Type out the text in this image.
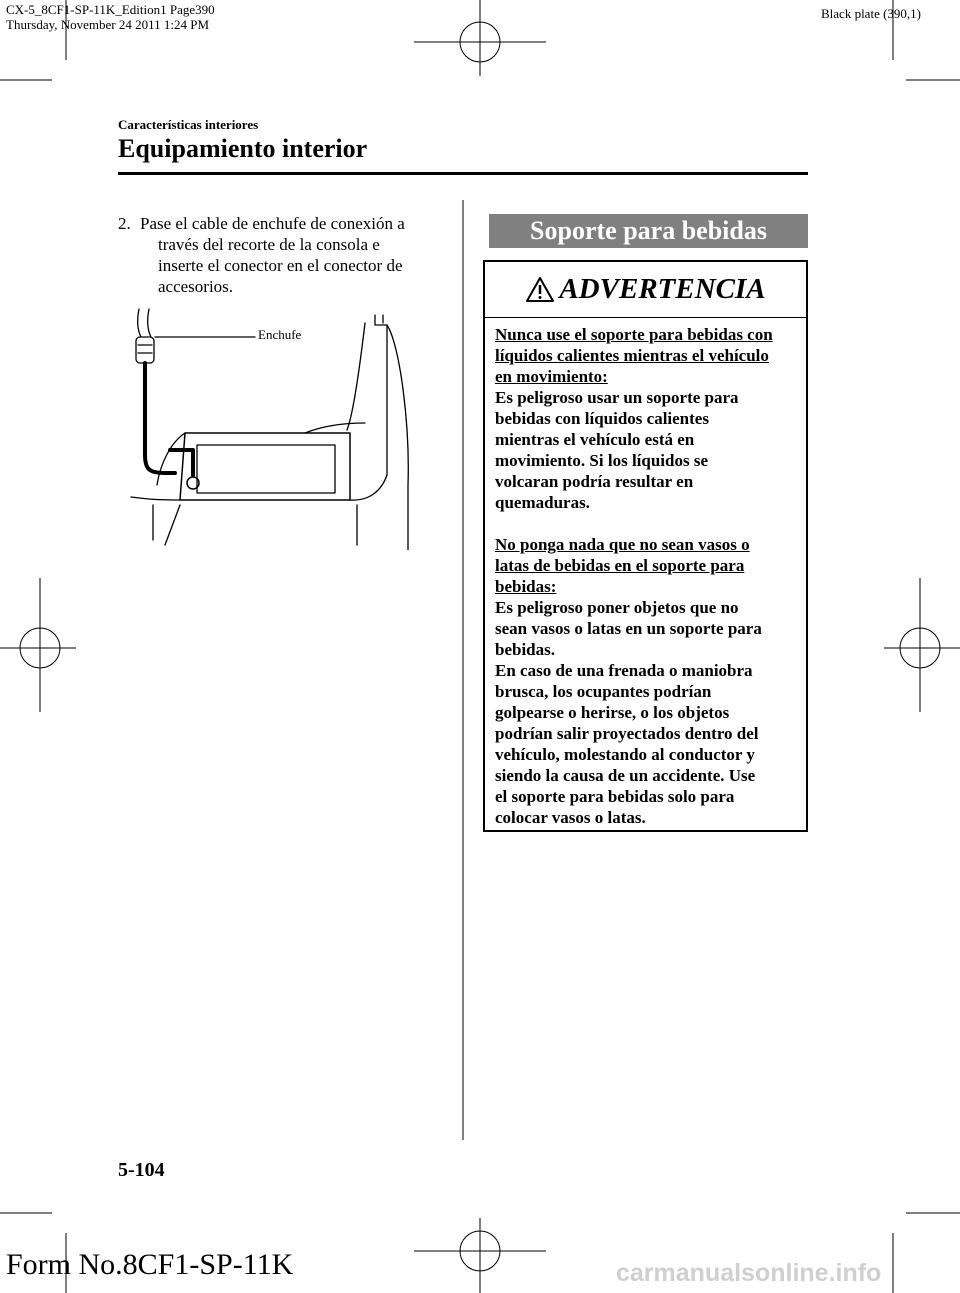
CX-5_8CF1-SP-11K_Edition1 Page390
Thursday, November 24 2011 1:24 PM
Black plate (390,1)
Características interiores
Equipamiento interior
2. Pase el cable de enchufe de conexión a
través del recorte de la consola e
inserte el conector en el conector de
accesorios.
Enchufe
Soporte para bebidas
ADVERTENCIA
Nunca use el soporte para bebidas con
líquidos calientes mientras el vehículo
en movimiento:
Es peligroso usar un soporte para
bebidas con líquidos calientes
mientras el vehículo está en
movimiento. Si los líquidos se
volcaran podría resultar en
quemaduras.
No ponga nada que no sean vasos o
latas de bebidas en el soporte para
bebidas:
Es peligroso poner objetos que no
sean vasos o latas en un soporte para
bebidas.
En caso de una frenada o maniobra
brusca, los ocupantes podrían
golpearse o herirse, o los objetos
podrían salir proyectados dentro del
vehículo, molestando al conductor y
siendo la causa de un accidente. Use
el soporte para bebidas solo para
colocar vasos o latas.
5-104
Form No.8CF1-SP-11K	carmanualsonline.info
